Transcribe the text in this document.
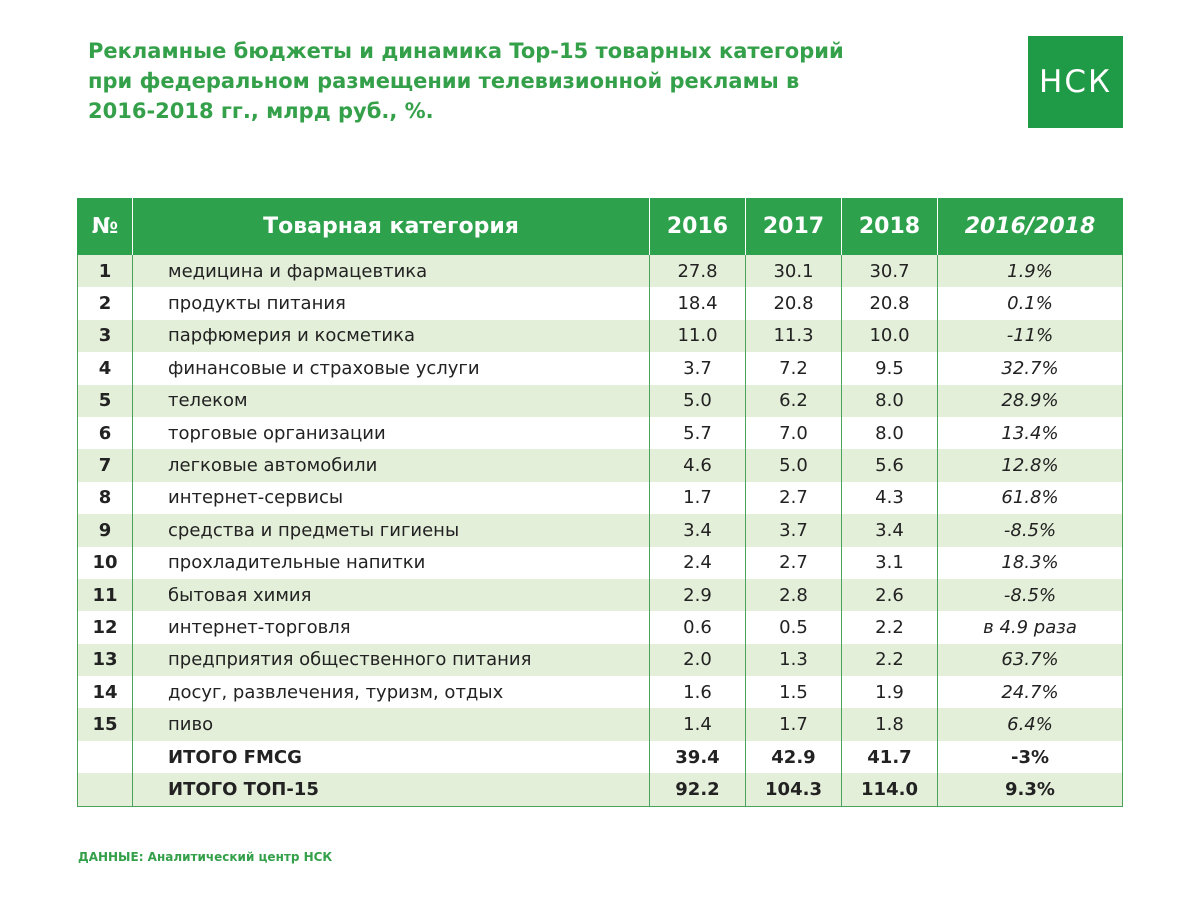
Рекламные бюджеты и динамика Top-15 товарных категорий
при федеральном размещении телевизионной рекламы в
2016-2018 гг., млрд руб., %.
НСК
№	Товарная категория	2016	2017	2018	2016/2018
1	медицина и фармацевтика	27.8	30.1	30.7	1.9%
2	продукты питания	18.4	20.8	20.8	0.1%
3	парфюмерия и косметика	11.0	11.3	10.0	-11%
4	финансовые и страховые услуги	3.7	7.2	9.5	32.7%
5	телеком	5.0	6.2	8.0	28.9%
6	торговые организации	5.7	7.0	8.0	13.4%
7	легковые автомобили	4.6	5.0	5.6	12.8%
8	интернет-сервисы	1.7	2.7	4.3	61.8%
9	средства и предметы гигиены	3.4	3.7	3.4	-8.5%
10	прохладительные напитки	2.4	2.7	3.1	18.3%
11	бытовая химия	2.9	2.8	2.6	-8.5%
12	интернет-торговля	0.6	0.5	2.2	в 4.9 раза
13	предприятия общественного питания	2.0	1.3	2.2	63.7%
14	досуг, развлечения, туризм, отдых	1.6	1.5	1.9	24.7%
15	пиво	1.4	1.7	1.8	6.4%
	ИТОГО FMCG	39.4	42.9	41.7	-3%
	ИТОГО ТОП-15	92.2	104.3	114.0	9.3%

ДАННЫЕ: Аналитический центр НСК
